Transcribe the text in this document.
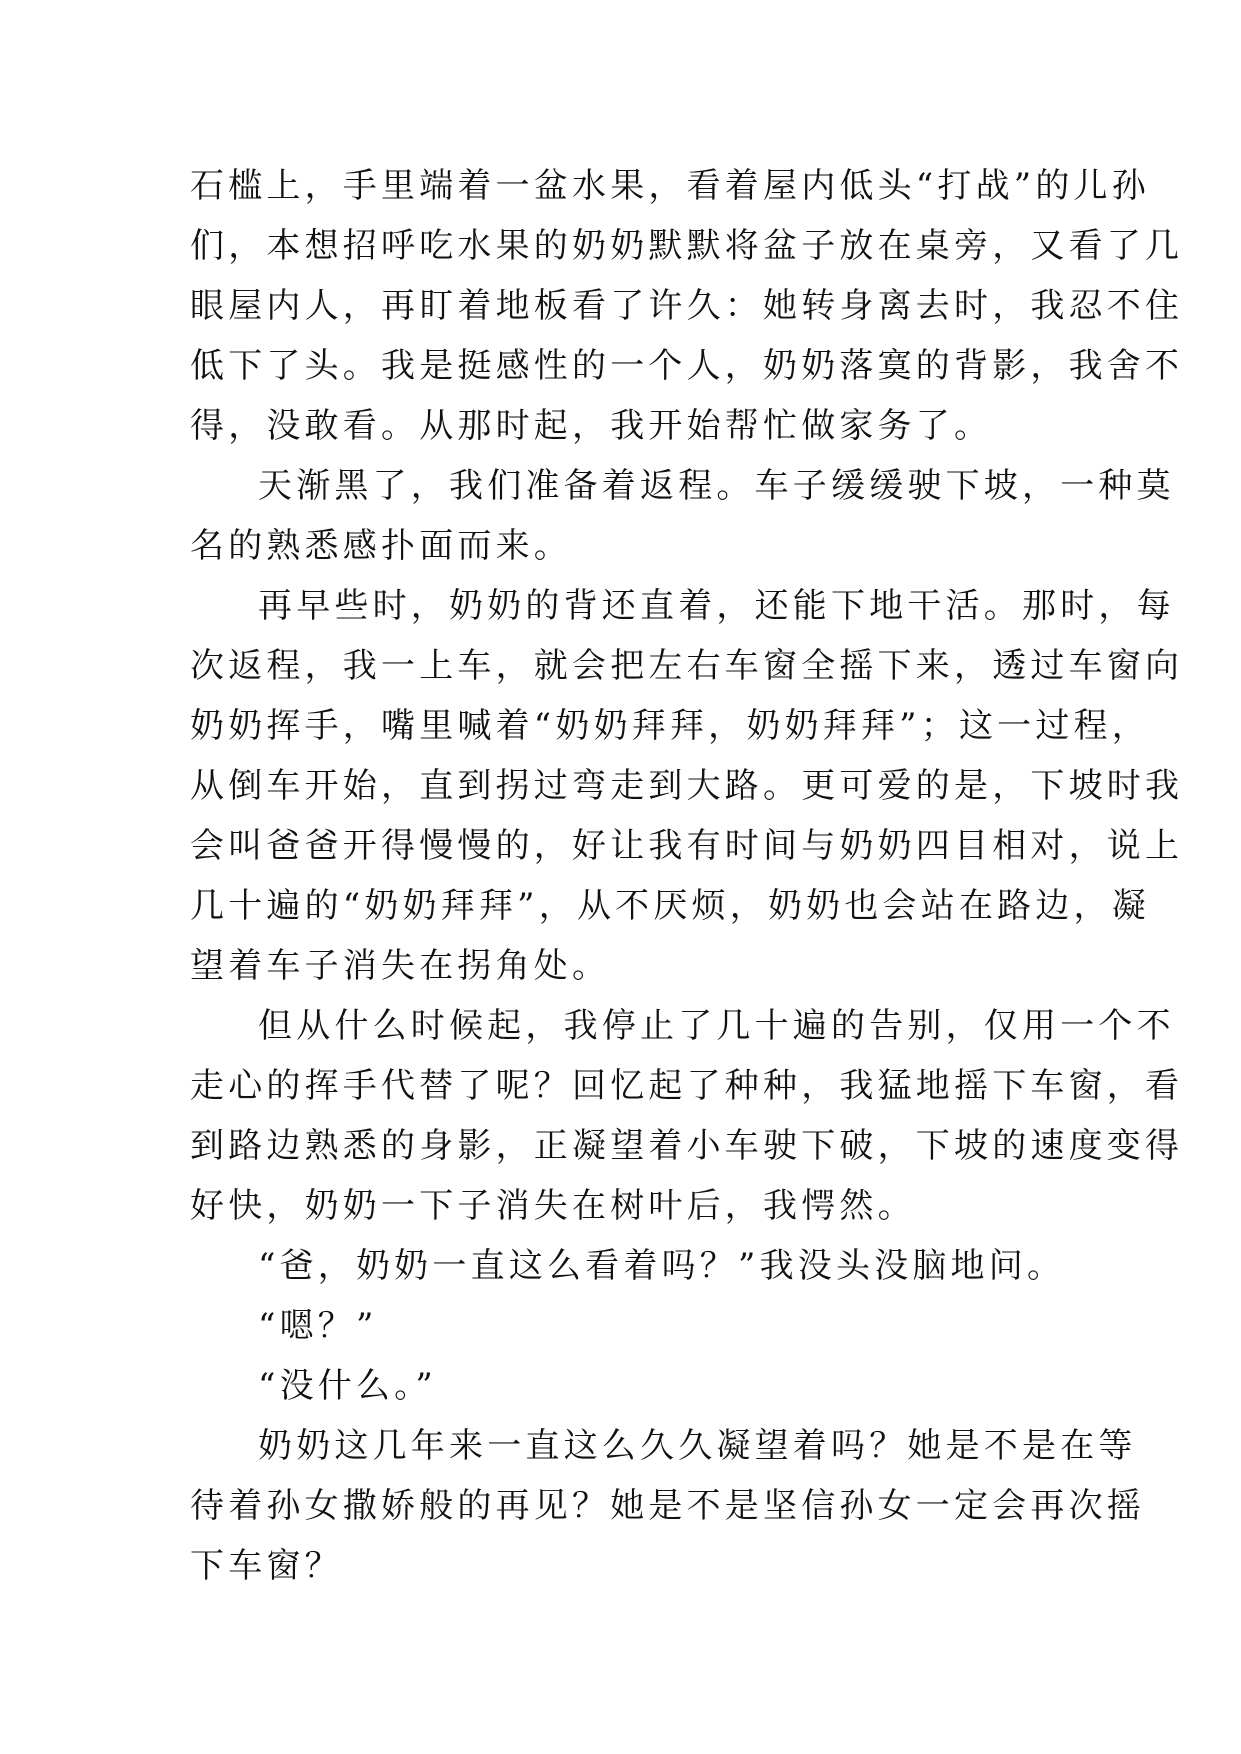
石槛上，手里端着一盆水果，看着屋内低头“打战”的儿孙
们，本想招呼吃水果的奶奶默默将盆子放在桌旁，又看了几
眼屋内人，再盯着地板看了许久：她转身离去时，我忍不住
低下了头。我是挺感性的一个人，奶奶落寞的背影，我舍不
得，没敢看。从那时起，我开始帮忙做家务了。

天渐黑了，我们准备着返程。车子缓缓驶下坡，一种莫
名的熟悉感扑面而来。

再早些时，奶奶的背还直着，还能下地干活。那时，每
次返程，我一上车，就会把左右车窗全摇下来，透过车窗向
奶奶挥手，嘴里喊着“奶奶拜拜，奶奶拜拜”；这一过程，
从倒车开始，直到拐过弯走到大路。更可爱的是，下坡时我
会叫爸爸开得慢慢的，好让我有时间与奶奶四目相对，说上
几十遍的“奶奶拜拜”，从不厌烦，奶奶也会站在路边，凝
望着车子消失在拐角处。

但从什么时候起，我停止了几十遍的告别，仅用一个不
走心的挥手代替了呢？回忆起了种种，我猛地摇下车窗，看
到路边熟悉的身影，正凝望着小车驶下破，下坡的速度变得
好快，奶奶一下子消失在树叶后，我愕然。

“爸，奶奶一直这么看着吗？”我没头没脑地问。

“嗯？”

“没什么。”

奶奶这几年来一直这么久久凝望着吗？她是不是在等
待着孙女撒娇般的再见？她是不是坚信孙女一定会再次摇
下车窗？
